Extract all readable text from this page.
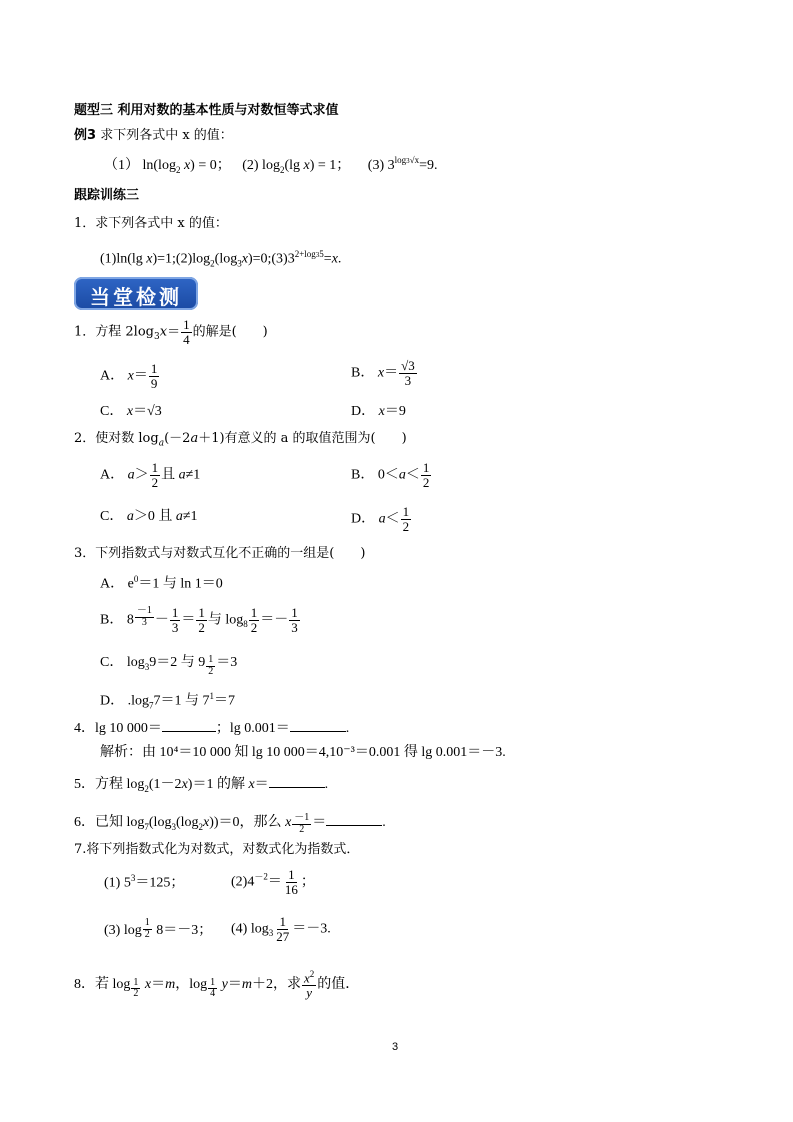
题型三 利用对数的基本性质与对数恒等式求值
例3 求下列各式中 x 的值：
（1） $\ln(\log_2$ x) = 0； (2) $\log_2(\lg$ x) = 1； (3) $3^{log3√x}=9$.
跟踪训练三
1．求下列各式中 x 的值：
(1)ln(lg $x)=1;(2)\log_2(\log_3x)=0;(3)3^{2+log35}=x$.
当堂检测
1．方程 $2\log_3x= \frac{1}{4}$ 的解是(　　)
A． $x= \frac{1}{9}$	B． $x= \frac{√3}{3}$
C． x＝√3	D． x＝9
2．使对数 $\log_a(-2a+1)$有意义的 a 的取值范围为(　　)
A． $a> \frac{1}{2}$ 且 a≠1	B． $0<a< \frac{1}{2}$
C． a＞0 且 a≠1	D． $a< \frac{1}{2}$
3．下列指数式与对数式互化不正确的一组是(　　)
A． $e^0=1$ 与 ln 1＝0
B． $8 \frac{-1}{3} - \frac{1}{3} = \frac{1}{2}$ 与 $\log_8 \frac{1}{2} =- \frac{1}{3}$
C． $\log_39=2$ 与 $9 \frac{1}{2} =3$
D． $.\log_77=1$ 与 $7^1=7$
4．lg 10 000＝	；lg 0.001＝	.
解析：由 10⁴＝10 000 知 lg 10 000＝4,10⁻³＝0.001 得 lg 0.001＝－3.
5．方程 $\log_2(1-2x)=1$ 的解 x＝	.
6．已知 $\log_7(\log_3(\log_2x))=0$，那么 x $\frac{-1}{2}$ ＝	.
7.将下列指数式化为对数式，对数式化为指数式．
(1) $5^3=125$；	$(2)4^{-2}= \frac{1}{16}$ ；
(3) $\log \frac{1}{2} 8=-3$； (4) $\log_3 \frac{1}{27} =-3$.
8．若 $\log \frac{1}{2} x=m$，$\log \frac{1}{4} y=m+2$，求 $\frac{x^2}{y}$ 的值．
3
